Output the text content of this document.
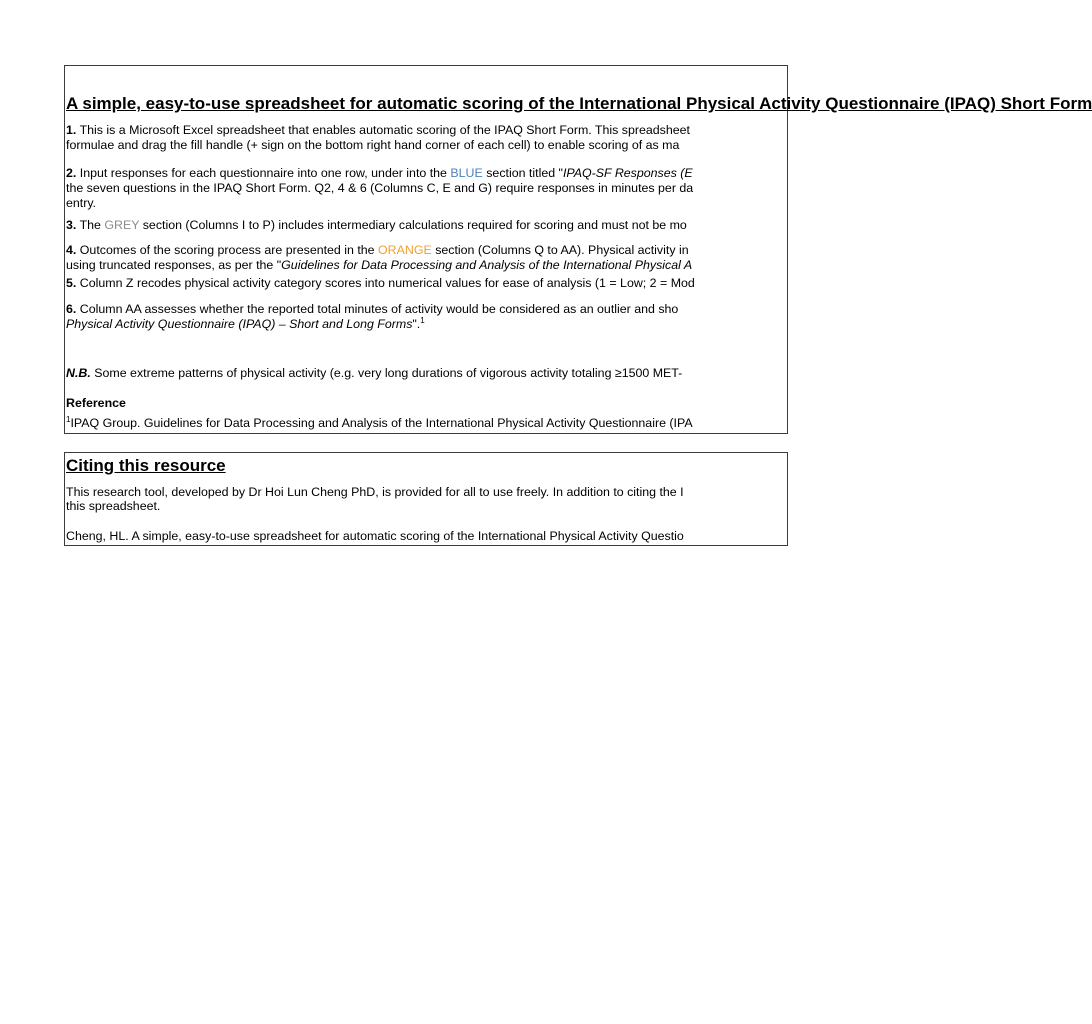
A simple, easy-to-use spreadsheet for automatic scoring of the International Physical Activity Questionnaire (IPAQ) Short Form
1. This is a Microsoft Excel spreadsheet that enables automatic scoring of the IPAQ Short Form. This spreadsheet
formulae and drag the fill handle (+ sign on the bottom right hand corner of each cell) to enable scoring of as ma
2. Input responses for each questionnaire into one row, under into the BLUE section titled "IPAQ-SF Responses (E
the seven questions in the IPAQ Short Form. Q2, 4 & 6 (Columns C, E and G) require responses in minutes per da
entry.
3. The GREY section (Columns I to P) includes intermediary calculations required for scoring and must not be mo
4. Outcomes of the scoring process are presented in the ORANGE section (Columns Q to AA). Physical activity in
using truncated responses, as per the "Guidelines for Data Processing and Analysis of the International Physical A
5. Column Z recodes physical activity category scores into numerical values for ease of analysis (1 = Low; 2 = Mod
6. Column AA assesses whether the reported total minutes of activity would be considered as an outlier and sho
Physical Activity Questionnaire (IPAQ) – Short and Long Forms".$^1$
N.B. Some extreme patterns of physical activity (e.g. very long durations of vigorous activity totaling ≥1500 MET-
Reference
$^1$IPAQ Group. Guidelines for Data Processing and Analysis of the International Physical Activity Questionnaire (IPA
Citing this resource
This research tool, developed by Dr Hoi Lun Cheng PhD, is provided for all to use freely. In addition to citing the I
this spreadsheet.
Cheng, HL. A simple, easy-to-use spreadsheet for automatic scoring of the International Physical Activity Questio
